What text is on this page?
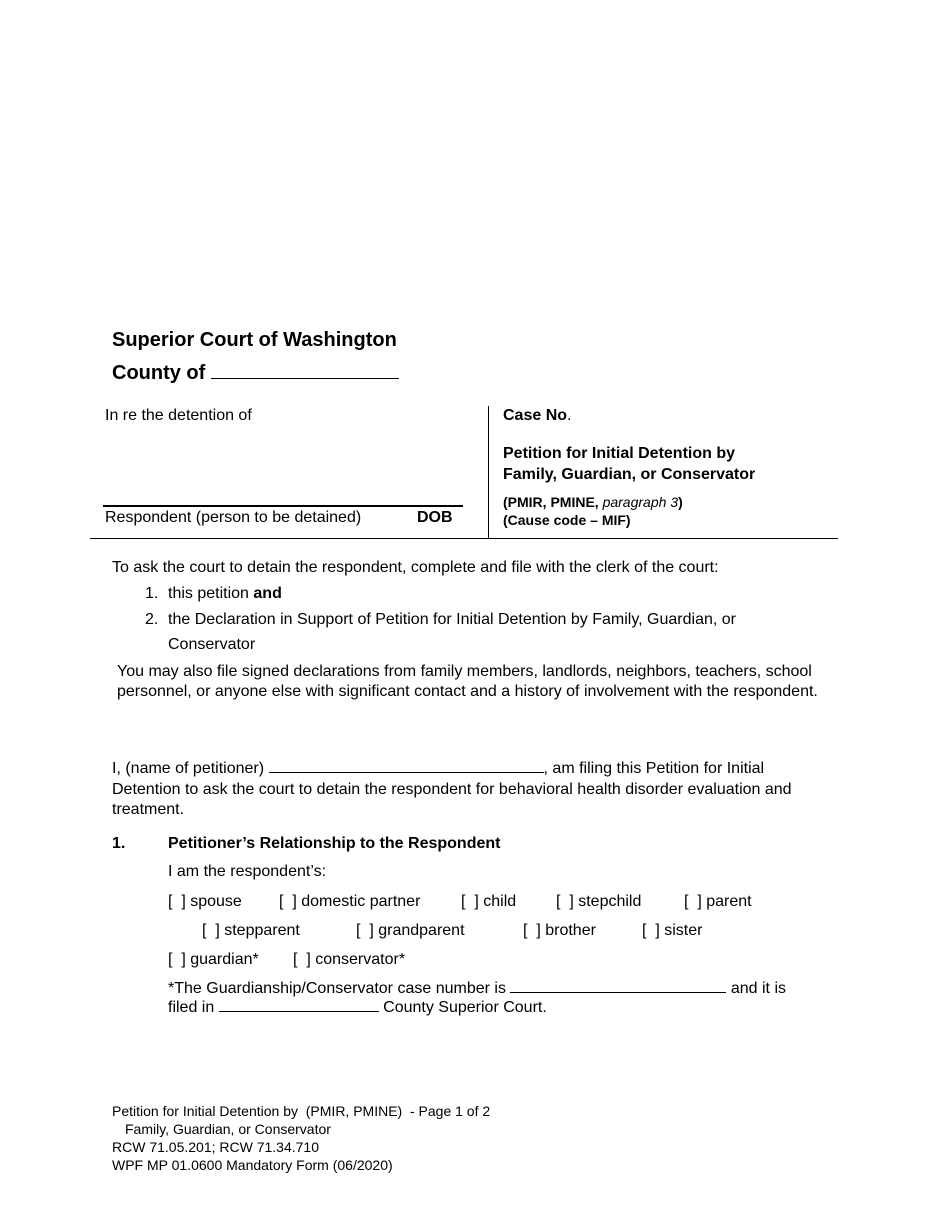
Superior Court of Washington
County of
In re the detention of
Respondent (person to be detained)	DOB
Case No.
Petition for Initial Detention by
Family, Guardian, or Conservator
(PMIR, PMINE, paragraph 3)
(Cause code – MIF)
To ask the court to detain the respondent, complete and file with the clerk of the court:
1. this petition and
2. the Declaration in Support of Petition for Initial Detention by Family, Guardian, or
Conservator
You may also file signed declarations from family members, landlords, neighbors, teachers, school personnel, or anyone else with significant contact and a history of involvement with the respondent.
I, (name of petitioner)	, am filing this Petition for Initial
Detention to ask the court to detain the respondent for behavioral health disorder evaluation and treatment.
1.	Petitioner’s Relationship to the Respondent
I am the respondent’s:
[  ] spouse [  ] domestic partner	[  ] child [  ] stepchild	[  ] parent
[  ] stepparent	[  ] grandparent	[  ] brother	[  ] sister
[  ] guardian* [  ] conservator*
*The Guardianship/Conservator case number is	and it is
filed in	County Superior Court.
Petition for Initial Detention by  (PMIR, PMINE)  - Page 1 of 2
Family, Guardian, or Conservator
RCW 71.05.201; RCW 71.34.710
WPF MP 01.0600 Mandatory Form (06/2020)
